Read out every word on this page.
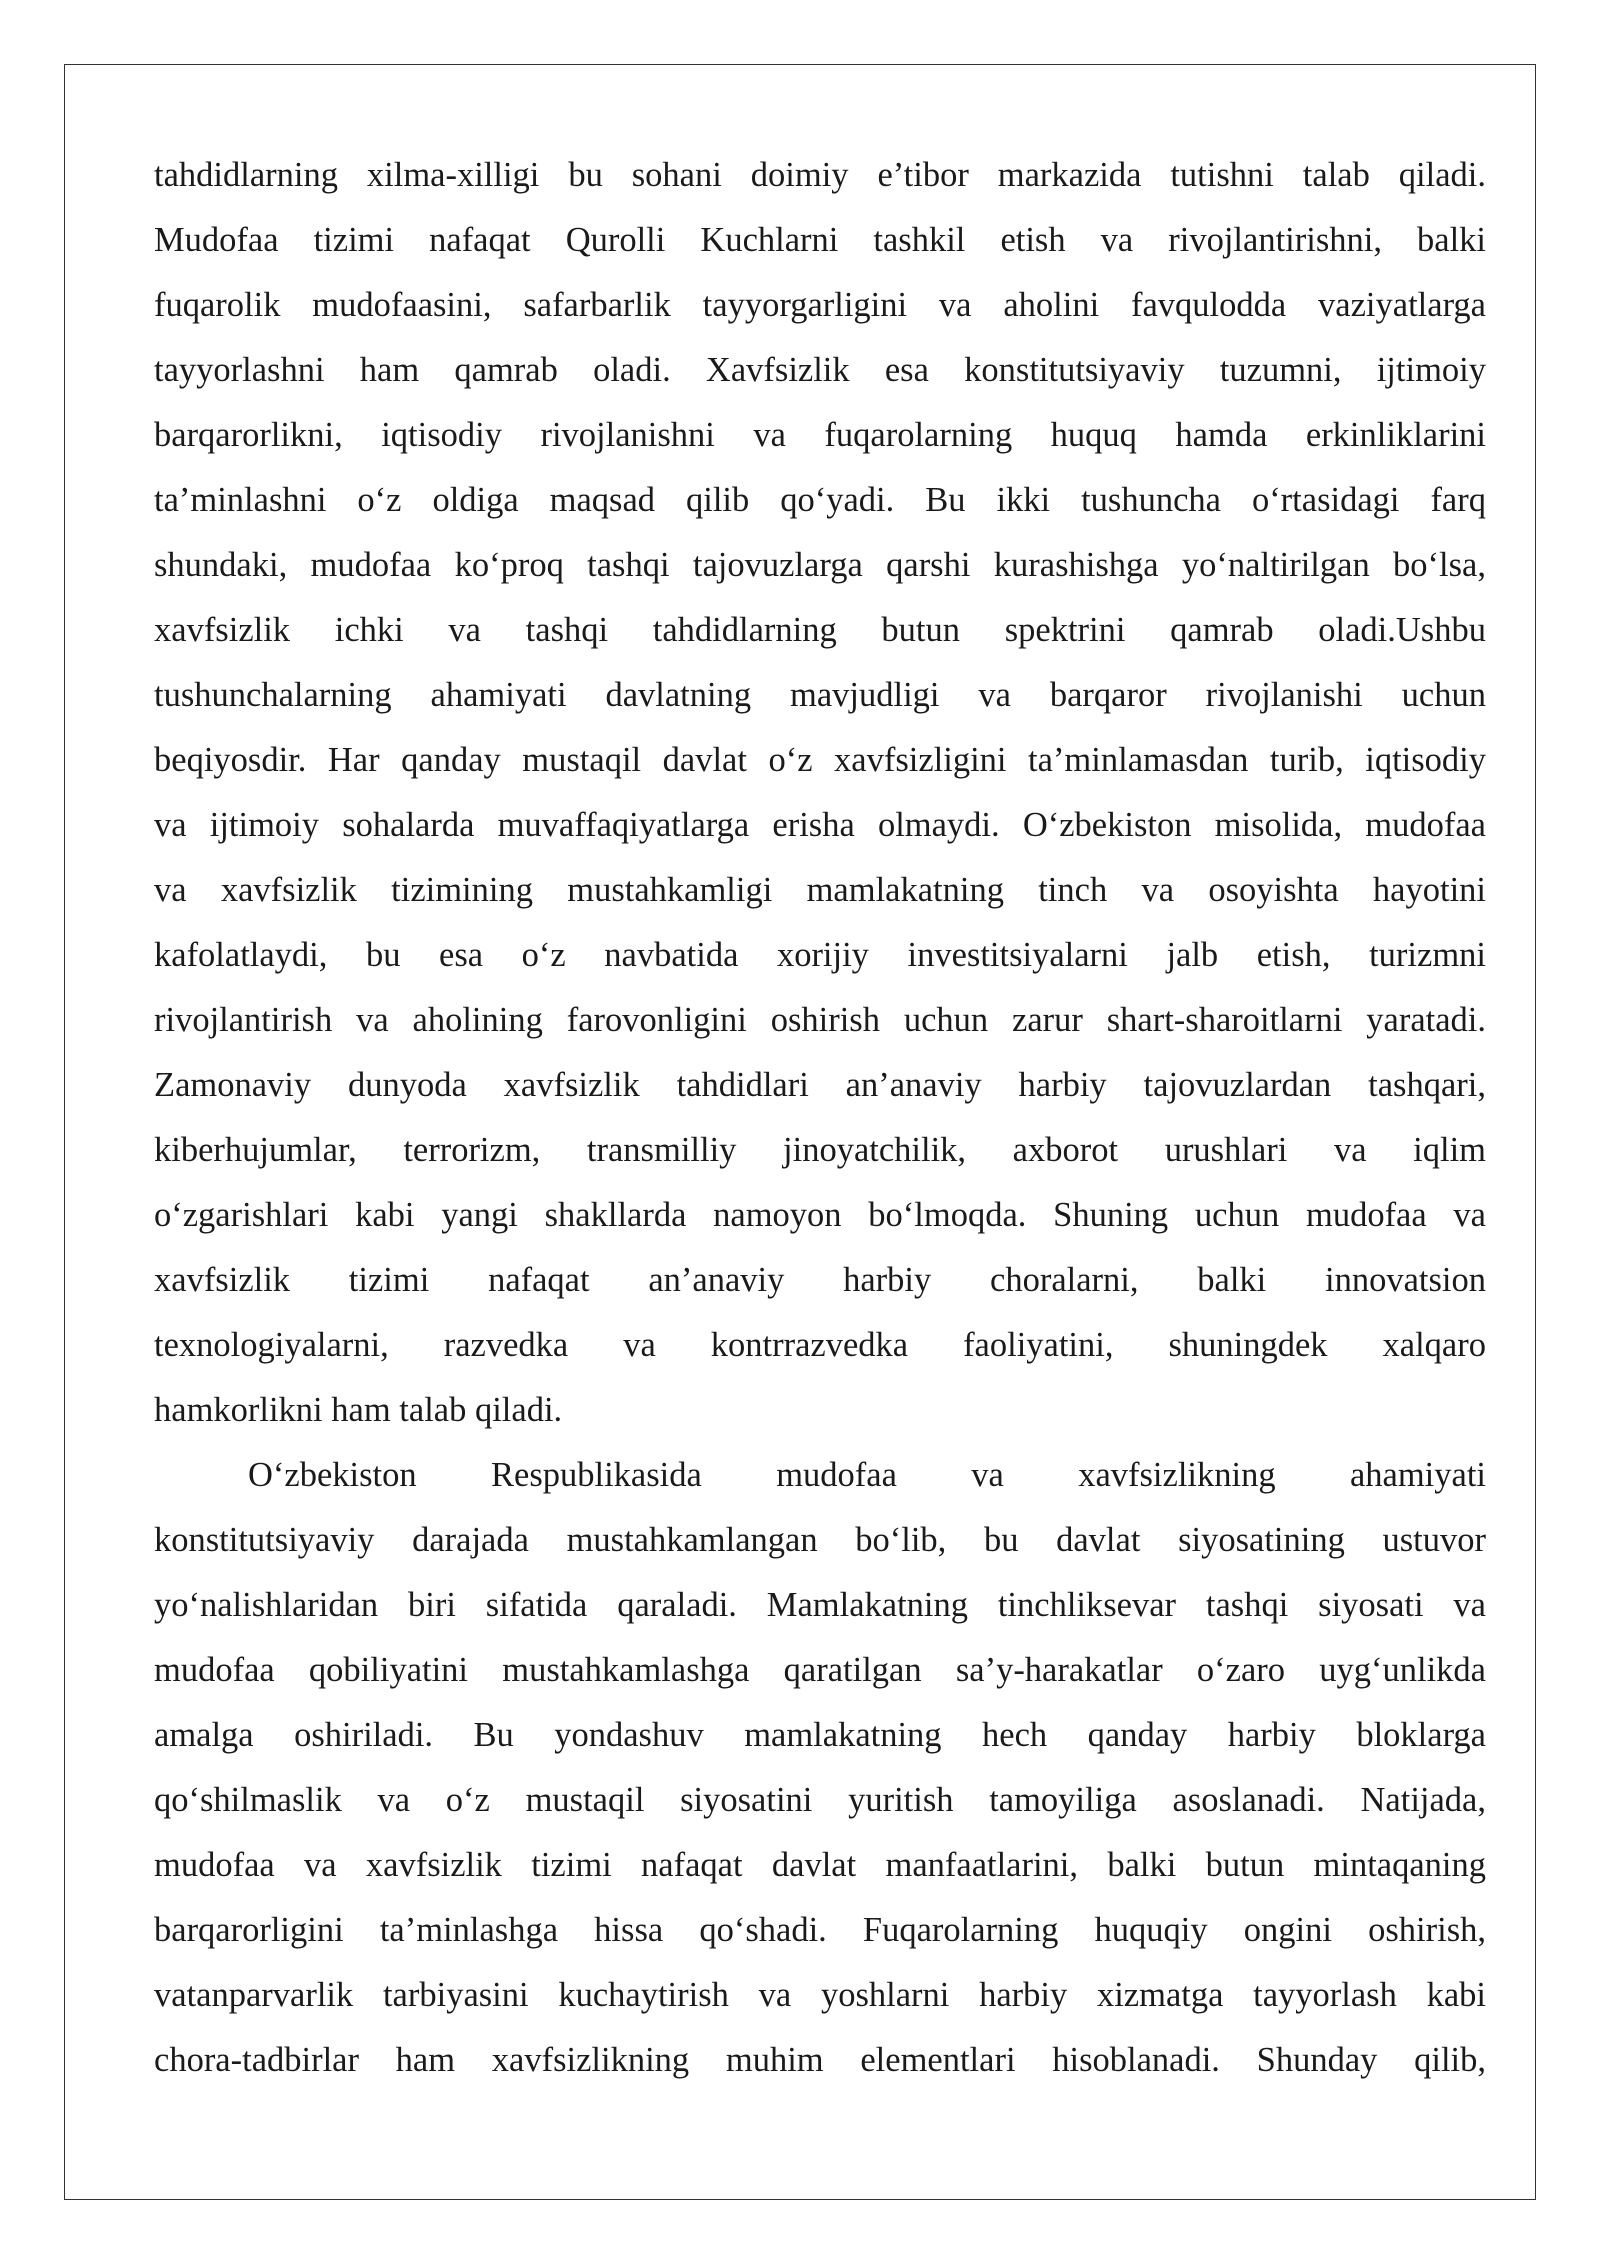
tahdidlarning xilma-xilligi bu sohani doimiy e’tibor markazida tutishni talab qiladi.
Mudofaa tizimi nafaqat Qurolli Kuchlarni tashkil etish va rivojlantirishni, balki
fuqarolik mudofaasini, safarbarlik tayyorgarligini va aholini favqulodda vaziyatlarga
tayyorlashni ham qamrab oladi. Xavfsizlik esa konstitutsiyaviy tuzumni, ijtimoiy
barqarorlikni, iqtisodiy rivojlanishni va fuqarolarning huquq hamda erkinliklarini
ta’minlashni o‘z oldiga maqsad qilib qo‘yadi. Bu ikki tushuncha o‘rtasidagi farq
shundaki, mudofaa ko‘proq tashqi tajovuzlarga qarshi kurashishga yo‘naltirilgan bo‘lsa,
xavfsizlik ichki va tashqi tahdidlarning butun spektrini qamrab oladi.Ushbu
tushunchalarning ahamiyati davlatning mavjudligi va barqaror rivojlanishi uchun
beqiyosdir. Har qanday mustaqil davlat o‘z xavfsizligini ta’minlamasdan turib, iqtisodiy
va ijtimoiy sohalarda muvaffaqiyatlarga erisha olmaydi. O‘zbekiston misolida, mudofaa
va xavfsizlik tizimining mustahkamligi mamlakatning tinch va osoyishta hayotini
kafolatlaydi, bu esa o‘z navbatida xorijiy investitsiyalarni jalb etish, turizmni
rivojlantirish va aholining farovonligini oshirish uchun zarur shart-sharoitlarni yaratadi.
Zamonaviy dunyoda xavfsizlik tahdidlari an’anaviy harbiy tajovuzlardan tashqari,
kiberhujumlar, terrorizm, transmilliy jinoyatchilik, axborot urushlari va iqlim
o‘zgarishlari kabi yangi shakllarda namoyon bo‘lmoqda. Shuning uchun mudofaa va
xavfsizlik tizimi nafaqat an’anaviy harbiy choralarni, balki innovatsion
texnologiyalarni, razvedka va kontrrazvedka faoliyatini, shuningdek xalqaro
hamkorlikni ham talab qiladi.
O‘zbekiston Respublikasida mudofaa va xavfsizlikning ahamiyati
konstitutsiyaviy darajada mustahkamlangan bo‘lib, bu davlat siyosatining ustuvor
yo‘nalishlaridan biri sifatida qaraladi. Mamlakatning tinchliksevar tashqi siyosati va
mudofaa qobiliyatini mustahkamlashga qaratilgan sa’y-harakatlar o‘zaro uyg‘unlikda
amalga oshiriladi. Bu yondashuv mamlakatning hech qanday harbiy bloklarga
qo‘shilmaslik va o‘z mustaqil siyosatini yuritish tamoyiliga asoslanadi. Natijada,
mudofaa va xavfsizlik tizimi nafaqat davlat manfaatlarini, balki butun mintaqaning
barqarorligini ta’minlashga hissa qo‘shadi. Fuqarolarning huquqiy ongini oshirish,
vatanparvarlik tarbiyasini kuchaytirish va yoshlarni harbiy xizmatga tayyorlash kabi
chora-tadbirlar ham xavfsizlikning muhim elementlari hisoblanadi. Shunday qilib,
